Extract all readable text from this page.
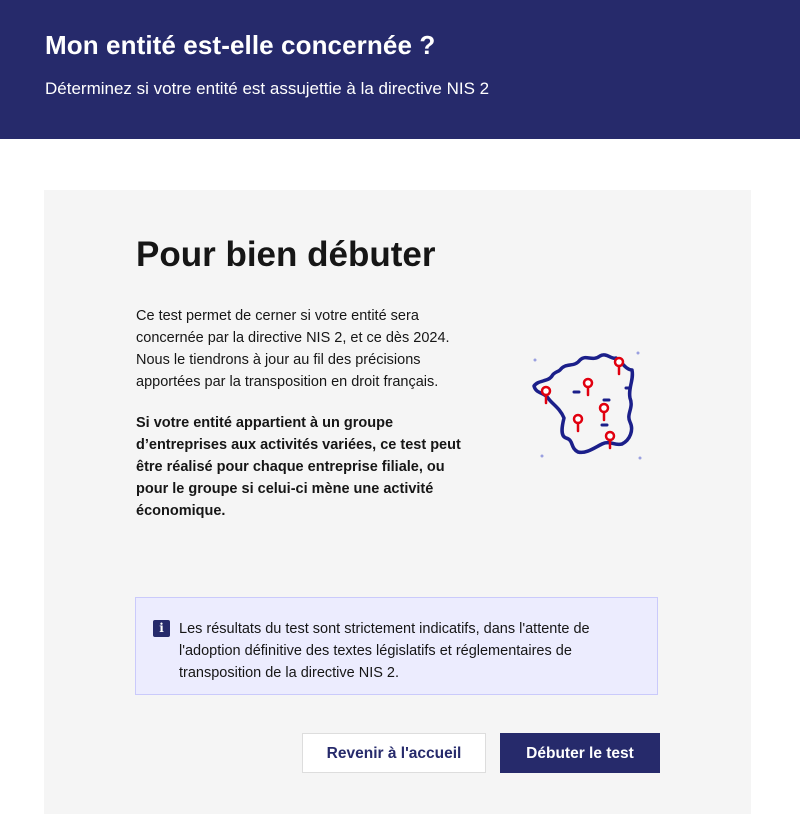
Mon entité est-elle concernée ?

Déterminez si votre entité est assujettie à la directive NIS 2

Pour bien débuter

Ce test permet de cerner si votre entité sera
concernée par la directive NIS 2, et ce dès 2024.
Nous le tiendrons à jour au fil des précisions
apportées par la transposition en droit français.

Si votre entité appartient à un groupe
d’entreprises aux activités variées, ce test peut
être réalisé pour chaque entreprise filiale, ou
pour le groupe si celui-ci mène une activité
économique.

i	Les résultats du test sont strictement indicatifs, dans l'attente de
l'adoption définitive des textes législatifs et réglementaires de
transposition de la directive NIS 2.

Revenir à l'accueil	Débuter le test
